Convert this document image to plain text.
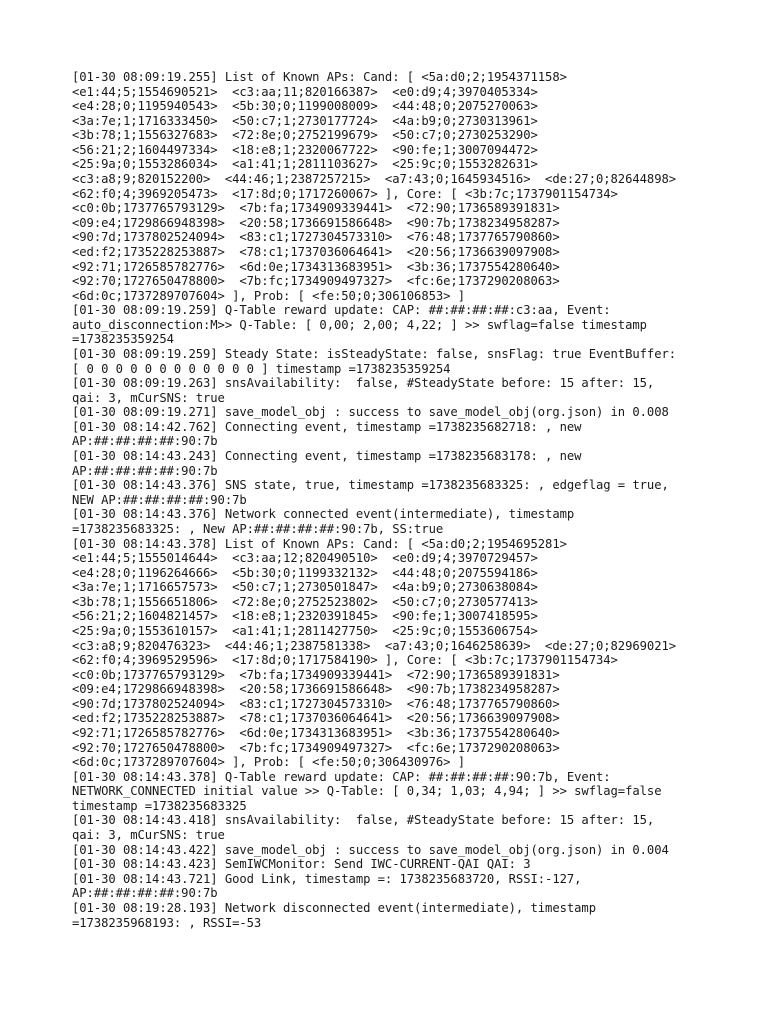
[01-30 08:09:19.255] List of Known APs: Cand: [ <5a:d0;2;1954371158>
<e1:44;5;1554690521>  <c3:aa;11;820166387>  <e0:d9;4;3970405334>
<e4:28;0;1195940543>  <5b:30;0;1199008009>  <44:48;0;2075270063>
<3a:7e;1;1716333450>  <50:c7;1;2730177724>  <4a:b9;0;2730313961>
<3b:78;1;1556327683>  <72:8e;0;2752199679>  <50:c7;0;2730253290>
<56:21;2;1604497334>  <18:e8;1;2320067722>  <90:fe;1;3007094472>
<25:9a;0;1553286034>  <a1:41;1;2811103627>  <25:9c;0;1553282631>
<c3:a8;9;820152200>  <44:46;1;2387257215>  <a7:43;0;1645934516>  <de:27;0;82644898>
<62:f0;4;3969205473>  <17:8d;0;1717260067> ], Core: [ <3b:7c;1737901154734>
<c0:0b;1737765793129>  <7b:fa;1734909339441>  <72:90;1736589391831>
<09:e4;1729866948398>  <20:58;1736691586648>  <90:7b;1738234958287>
<90:7d;1737802524094>  <83:c1;1727304573310>  <76:48;1737765790860>
<ed:f2;1735228253887>  <78:c1;1737036064641>  <20:56;1736639097908>
<92:71;1726585782776>  <6d:0e;1734313683951>  <3b:36;1737554280640>
<92:70;1727650478800>  <7b:fc;1734909497327>  <fc:6e;1737290208063>
<6d:0c;1737289707604> ], Prob: [ <fe:50;0;306106853> ]
[01-30 08:09:19.259] Q-Table reward update: CAP: ##:##:##:##:c3:aa, Event:
auto_disconnection:M>> Q-Table: [ 0,00; 2,00; 4,22; ] >> swflag=false timestamp
=1738235359254
[01-30 08:09:19.259] Steady State: isSteadyState: false, snsFlag: true EventBuffer:
[ 0 0 0 0 0 0 0 0 0 0 0 0 ] timestamp =1738235359254
[01-30 08:09:19.263] snsAvailability:  false, #SteadyState before: 15 after: 15,
qai: 3, mCurSNS: true
[01-30 08:09:19.271] save_model_obj : success to save_model_obj(org.json) in 0.008
[01-30 08:14:42.762] Connecting event, timestamp =1738235682718: , new
AP:##:##:##:##:90:7b
[01-30 08:14:43.243] Connecting event, timestamp =1738235683178: , new
AP:##:##:##:##:90:7b
[01-30 08:14:43.376] SNS state, true, timestamp =1738235683325: , edgeflag = true,
NEW AP:##:##:##:##:90:7b
[01-30 08:14:43.376] Network connected event(intermediate), timestamp
=1738235683325: , New AP:##:##:##:##:90:7b, SS:true
[01-30 08:14:43.378] List of Known APs: Cand: [ <5a:d0;2;1954695281>
<e1:44;5;1555014644>  <c3:aa;12;820490510>  <e0:d9;4;3970729457>
<e4:28;0;1196264666>  <5b:30;0;1199332132>  <44:48;0;2075594186>
<3a:7e;1;1716657573>  <50:c7;1;2730501847>  <4a:b9;0;2730638084>
<3b:78;1;1556651806>  <72:8e;0;2752523802>  <50:c7;0;2730577413>
<56:21;2;1604821457>  <18:e8;1;2320391845>  <90:fe;1;3007418595>
<25:9a;0;1553610157>  <a1:41;1;2811427750>  <25:9c;0;1553606754>
<c3:a8;9;820476323>  <44:46;1;2387581338>  <a7:43;0;1646258639>  <de:27;0;82969021>
<62:f0;4;3969529596>  <17:8d;0;1717584190> ], Core: [ <3b:7c;1737901154734>
<c0:0b;1737765793129>  <7b:fa;1734909339441>  <72:90;1736589391831>
<09:e4;1729866948398>  <20:58;1736691586648>  <90:7b;1738234958287>
<90:7d;1737802524094>  <83:c1;1727304573310>  <76:48;1737765790860>
<ed:f2;1735228253887>  <78:c1;1737036064641>  <20:56;1736639097908>
<92:71;1726585782776>  <6d:0e;1734313683951>  <3b:36;1737554280640>
<92:70;1727650478800>  <7b:fc;1734909497327>  <fc:6e;1737290208063>
<6d:0c;1737289707604> ], Prob: [ <fe:50;0;306430976> ]
[01-30 08:14:43.378] Q-Table reward update: CAP: ##:##:##:##:90:7b, Event:
NETWORK_CONNECTED initial value >> Q-Table: [ 0,34; 1,03; 4,94; ] >> swflag=false
timestamp =1738235683325
[01-30 08:14:43.418] snsAvailability:  false, #SteadyState before: 15 after: 15,
qai: 3, mCurSNS: true
[01-30 08:14:43.422] save_model_obj : success to save_model_obj(org.json) in 0.004
[01-30 08:14:43.423] SemIWCMonitor: Send IWC-CURRENT-QAI QAI: 3
[01-30 08:14:43.721] Good Link, timestamp =: 1738235683720, RSSI:-127,
AP:##:##:##:##:90:7b
[01-30 08:19:28.193] Network disconnected event(intermediate), timestamp
=1738235968193: , RSSI=-53
